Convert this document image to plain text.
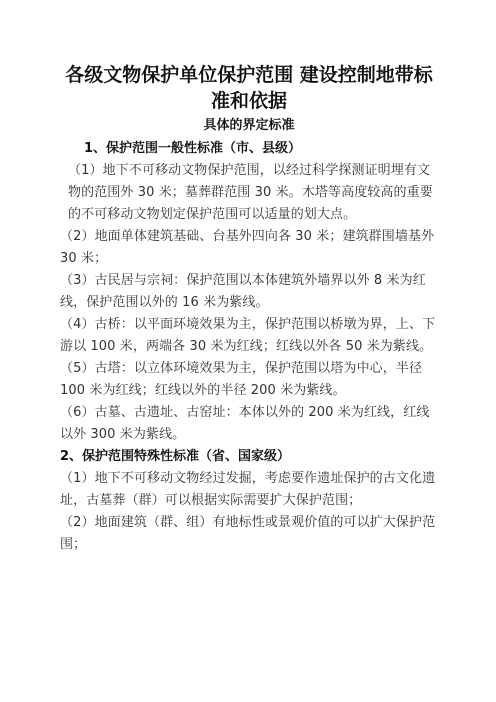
各级文物保护单位保护范围 建设控制地带标
准和依据

具体的界定标准

1、保护范围一般性标准（市、县级）

（1）地下不可移动文物保护范围，以经过科学探测证明埋有文物的范围外 30 米；墓葬群范围 30 米。木塔等高度较高的重要的不可移动文物划定保护范围可以适量的划大点。

（2）地面单体建筑基础、台基外四向各 30 米；建筑群围墙基外 30 米；

（3）古民居与宗祠：保护范围以本体建筑外墙界以外 8 米为红线，保护范围以外的 16 米为紫线。

（4）古桥：以平面环境效果为主，保护范围以桥墩为界，上、下游以 100 米，两端各 30 米为红线；红线以外各 50 米为紫线。

（5）古塔：以立体环境效果为主，保护范围以塔为中心，半径 100 米为红线；红线以外的半径 200 米为紫线。

（6）古墓、古遗址、古窑址：本体以外的 200 米为红线，红线以外 300 米为紫线。

2、保护范围特殊性标准（省、国家级）

（1）地下不可移动文物经过发掘，考虑要作遗址保护的古文化遗址，古墓葬（群）可以根据实际需要扩大保护范围；

（2）地面建筑（群、组）有地标性或景观价值的可以扩大保护范围；
